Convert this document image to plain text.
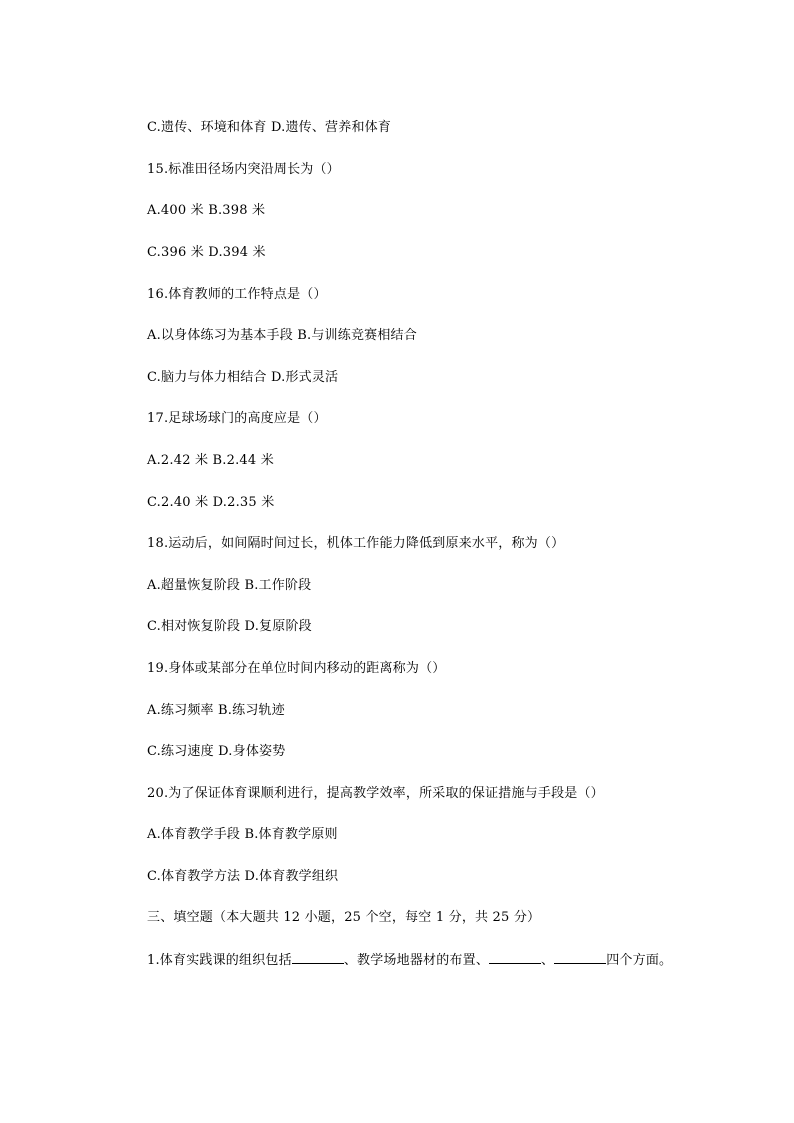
C.遗传、环境和体育 D.遗传、营养和体育
15.标准田径场内突沿周长为（）
A.400 米 B.398 米
C.396 米 D.394 米
16.体育教师的工作特点是（）
A.以身体练习为基本手段 B.与训练竞赛相结合
C.脑力与体力相结合 D.形式灵活
17.足球场球门的高度应是（）
A.2.42 米 B.2.44 米
C.2.40 米 D.2.35 米
18.运动后，如间隔时间过长，机体工作能力降低到原来水平，称为（）
A.超量恢复阶段 B.工作阶段
C.相对恢复阶段 D.复原阶段
19.身体或某部分在单位时间内移动的距离称为（）
A.练习频率 B.练习轨迹
C.练习速度 D.身体姿势
20.为了保证体育课顺利进行，提高教学效率，所采取的保证措施与手段是（）
A.体育教学手段 B.体育教学原则
C.体育教学方法 D.体育教学组织
三、填空题（本大题共 12 小题，25 个空，每空 1 分，共 25 分）
1.体育实践课的组织包括	、教学场地器材的布置、	、	四个方面。
